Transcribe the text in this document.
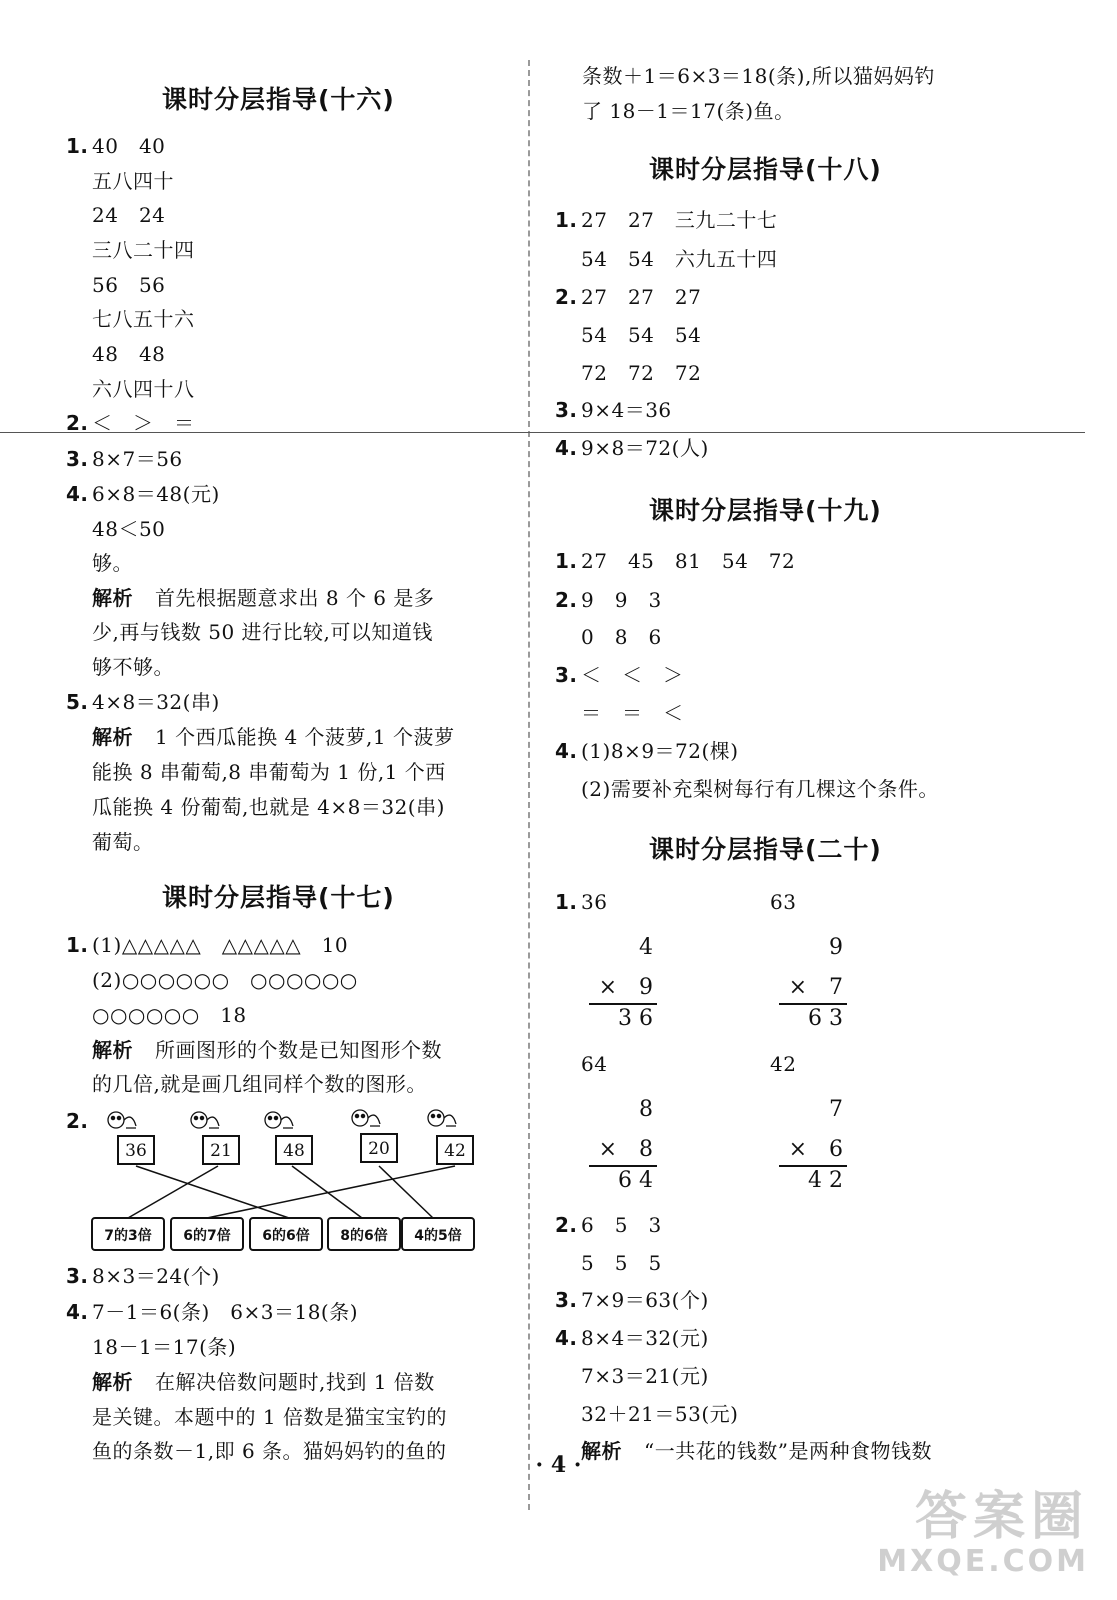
课时分层指导(十六)
1. 40　40
五八四十
24　24
三八二十四
56　56
七八五十六
48　48
六八四十八
2. ＜　＞　＝
3. 8×7＝56
4. 6×8＝48(元)
48＜50
够。
解析 首先根据题意求出 8 个 6 是多
少,再与钱数 50 进行比较,可以知道钱
够不够。
5. 4×8＝32(串)
解析 1 个西瓜能换 4 个菠萝,1 个菠萝
能换 8 串葡萄,8 串葡萄为 1 份,1 个西
瓜能换 4 份葡萄,也就是 4×8＝32(串)
葡萄。
课时分层指导(十七)
1. (1)△△△△△　△△△△△　10
(2)○○○○○○　○○○○○○
○○○○○○　18
解析 所画图形的个数是已知图形个数
的几倍,就是画几组同样个数的图形。
2.
36	21	48	20	42
7的3倍 6的7倍 6的6倍 8的6倍 4的5倍
3. 8×3＝24(个)
4. 7－1＝6(条)　6×3＝18(条)
18－1＝17(条)
解析 在解决倍数问题时,找到 1 倍数
是关键。本题中的 1 倍数是猫宝宝钓的
鱼的条数－1,即 6 条。猫妈妈钓的鱼的
条数＋1＝6×3＝18(条),所以猫妈妈钓
了 18－1＝17(条)鱼。
课时分层指导(十八)
1. 27　27　三九二十七
54　54　六九五十四
2. 27　27　27
54　54　54
72　72　72
3. 9×4＝36
4. 9×8＝72(人)
课时分层指导(十九)
1. 27　45　81　54　72
2. 9　9　3
0　8　6
3. ＜　＜　＞
＝　＝　＜
4. (1)8×9＝72(棵)
(2)需要补充梨树每行有几棵这个条件。
课时分层指导(二十)
1. 36	63
4
×　9
3 6
9
×　7
6 3
64	42
8
×　8
6 4
7
×　6
4 2
2. 6　5　3
5　5　5
3. 7×9＝63(个)
4. 8×4＝32(元)
7×3＝21(元)
32＋21＝53(元)
解析 “一共花的钱数”是两种食物钱数
· 4 ·
答案圈
MXQE.COM
